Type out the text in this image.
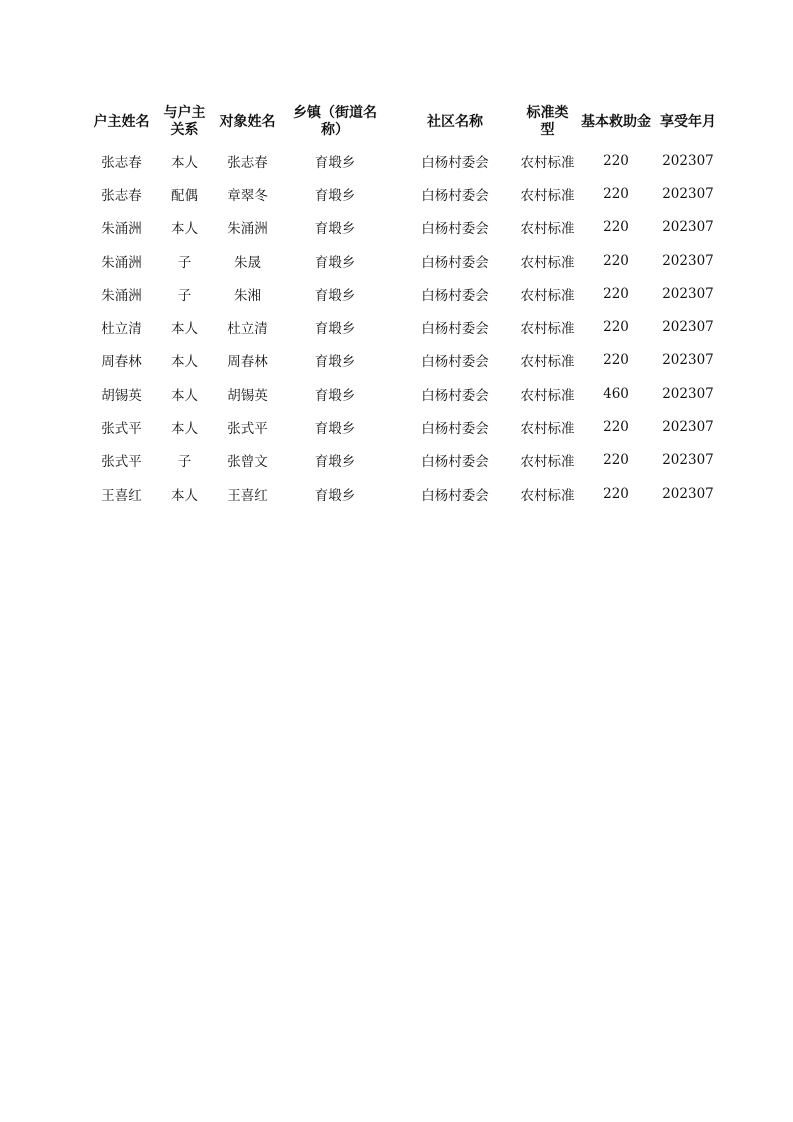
户主姓名	与户主关系	对象姓名	乡镇（街道名称）	社区名称	标准类型	基本救助金	享受年月
张志春	本人	张志春	育塅乡	白杨村委会	农村标准	220	202307
张志春	配偶	章翠冬	育塅乡	白杨村委会	农村标准	220	202307
朱涌洲	本人	朱涌洲	育塅乡	白杨村委会	农村标准	220	202307
朱涌洲	子	朱晟	育塅乡	白杨村委会	农村标准	220	202307
朱涌洲	子	朱湘	育塅乡	白杨村委会	农村标准	220	202307
杜立清	本人	杜立清	育塅乡	白杨村委会	农村标准	220	202307
周春林	本人	周春林	育塅乡	白杨村委会	农村标准	220	202307
胡锡英	本人	胡锡英	育塅乡	白杨村委会	农村标准	460	202307
张式平	本人	张式平	育塅乡	白杨村委会	农村标准	220	202307
张式平	子	张曾文	育塅乡	白杨村委会	农村标准	220	202307
王喜红	本人	王喜红	育塅乡	白杨村委会	农村标准	220	202307
